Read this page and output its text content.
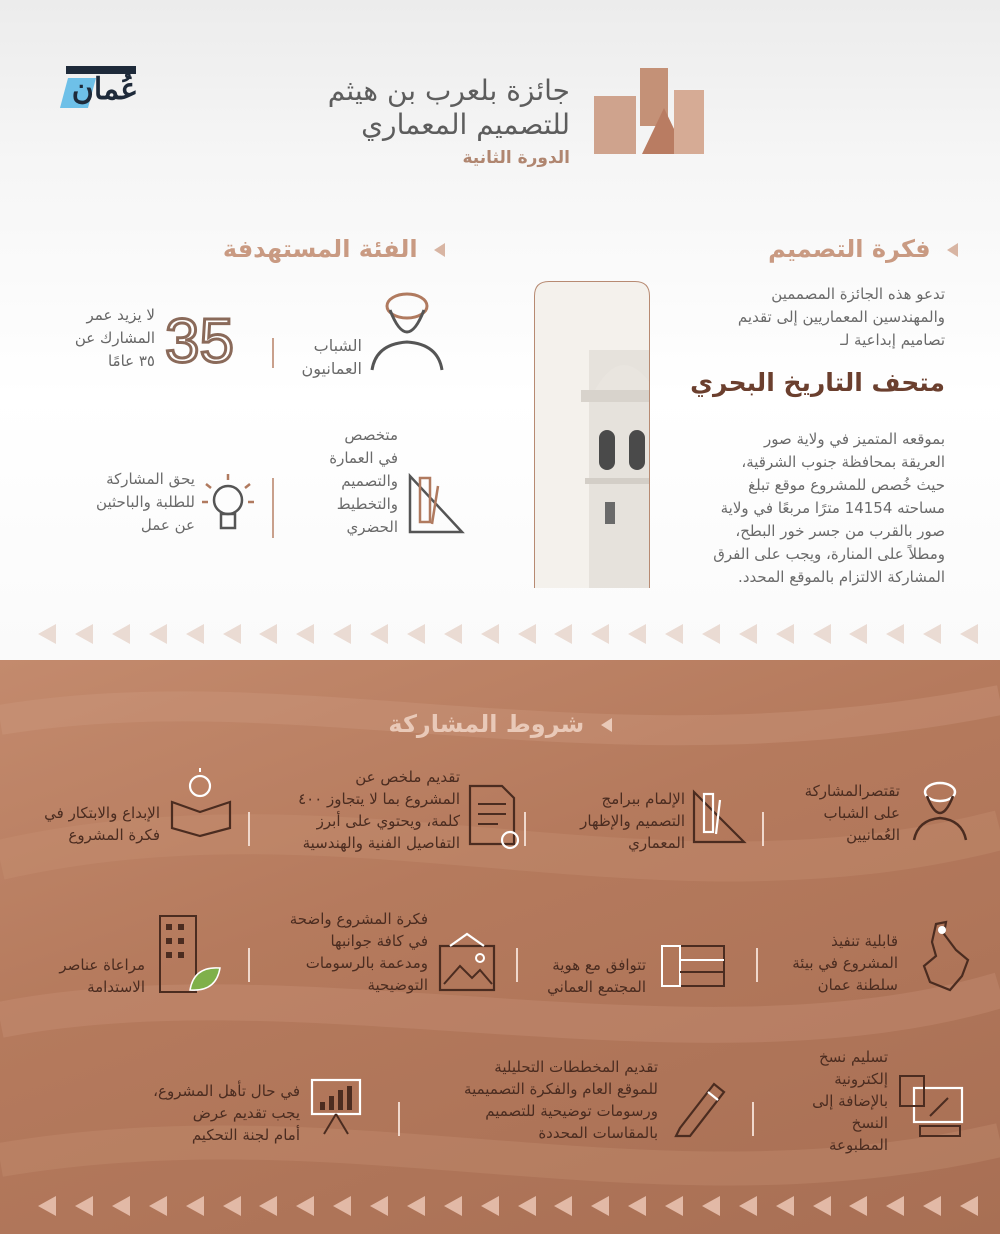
عُمان	جائزة بلعرب بن هيثم
للتصميم المعماري
الدورة الثانية
فكرة التصميم
الفئة المستهدفة
تدعو هذه الجائزة المصممين
والمهندسين المعماريين إلى تقديم
تصاميم إبداعية لـ
متحف التاريخ البحري
بموقعه المتميز في ولاية صور
العريقة بمحافظة جنوب الشرقية،
حيث خُصص للمشروع موقع تبلغ
مساحته 14154 مترًا مربعًا في ولاية
صور بالقرب من جسر خور البطح،
ومطلاً على المنارة، ويجب على الفرق
المشاركة الالتزام بالموقع المحدد.
الشباب
العمانيون
35
لا يزيد عمر
المشارك عن
٣٥ عامًا
متخصص
في العمارة
والتصميم
والتخطيط
الحضري
يحق المشاركة
للطلبة والباحثين
عن عمل
شروط المشاركة
تقتصرالمشاركة
على الشباب
العُمانيين
الإلمام ببرامج
التصميم والإظهار
المعماري
تقديم ملخص عن
المشروع بما لا يتجاوز ٤٠٠
كلمة، ويحتوي على أبرز
التفاصيل الفنية والهندسية
الإبداع والابتكار في
فكرة المشروع
قابلية تنفيذ
المشروع في بيئة
سلطنة عمان
تتوافق مع هوية
المجتمع العماني
فكرة المشروع واضحة
في كافة جوانبها
ومدعمة بالرسومات
التوضيحية
مراعاة عناصر
الاستدامة
تسليم نسخ
إلكترونية
بالإضافة إلى
النسخ
المطبوعة
تقديم المخططات التحليلية
للموقع العام والفكرة التصميمية
ورسومات توضيحية للتصميم
بالمقاسات المحددة
في حال تأهل المشروع،
يجب تقديم عرض
أمام لجنة التحكيم
